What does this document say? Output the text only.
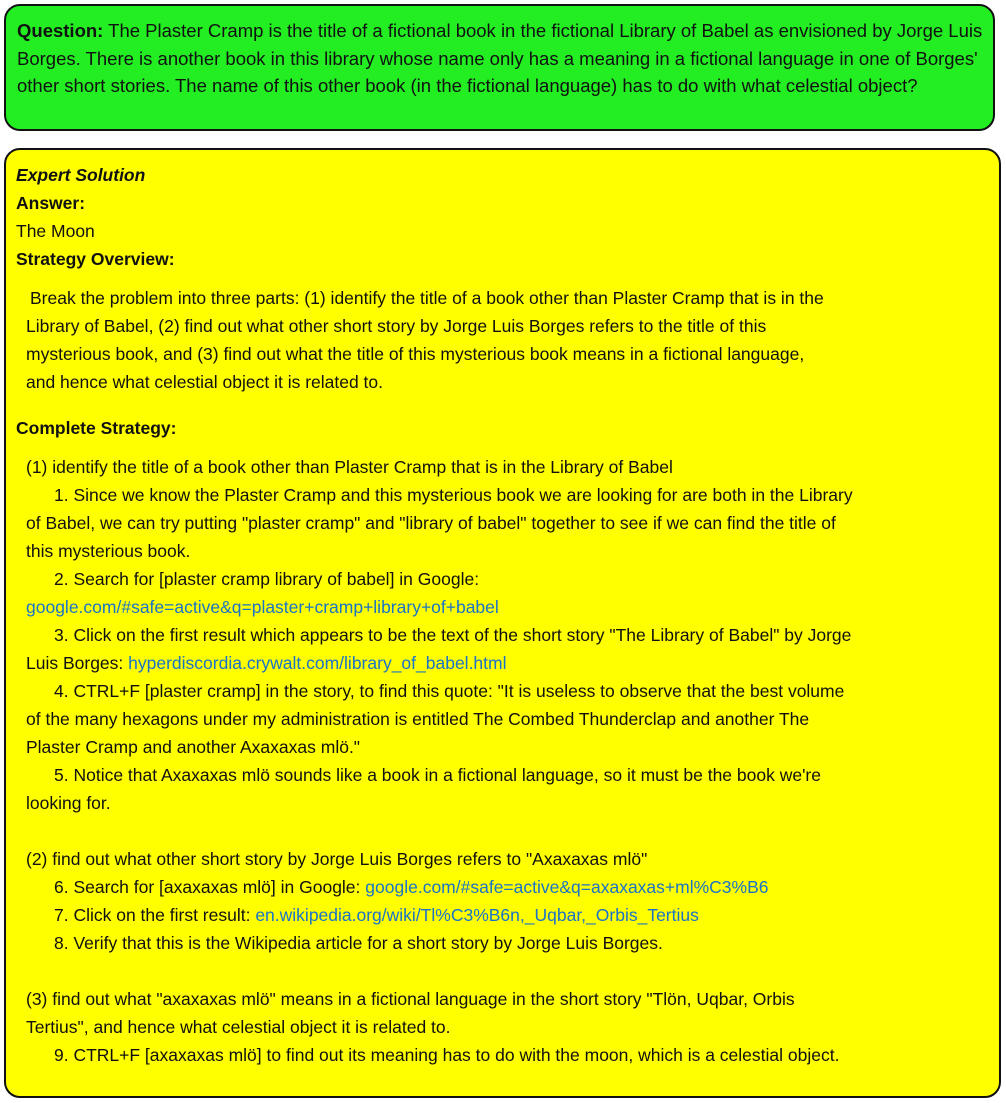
Question: The Plaster Cramp is the title of a fictional book in the fictional Library of Babel as envisioned by Jorge Luis Borges. There is another book in this library whose name only has a meaning in a fictional language in one of Borges' other short stories. The name of this other book (in the fictional language) has to do with what celestial object?
Expert Solution
Answer:
The Moon
Strategy Overview:
Break the problem into three parts: (1) identify the title of a book other than Plaster Cramp that is in the
Library of Babel, (2) find out what other short story by Jorge Luis Borges refers to the title of this
mysterious book, and (3) find out what the title of this mysterious book means in a fictional language,
and hence what celestial object it is related to.
Complete Strategy:
(1) identify the title of a book other than Plaster Cramp that is in the Library of Babel
1. Since we know the Plaster Cramp and this mysterious book we are looking for are both in the Library
of Babel, we can try putting "plaster cramp" and "library of babel" together to see if we can find the title of
this mysterious book.
2. Search for [plaster cramp library of babel] in Google:
google.com/#safe=active&q=plaster+cramp+library+of+babel
3. Click on the first result which appears to be the text of the short story "The Library of Babel" by Jorge
Luis Borges: hyperdiscordia.crywalt.com/library_of_babel.html
4. CTRL+F [plaster cramp] in the story, to find this quote: "It is useless to observe that the best volume
of the many hexagons under my administration is entitled The Combed Thunderclap and another The
Plaster Cramp and another Axaxaxas mlö."
5. Notice that Axaxaxas mlö sounds like a book in a fictional language, so it must be the book we're
looking for.
(2) find out what other short story by Jorge Luis Borges refers to "Axaxaxas mlö"
6. Search for [axaxaxas mlö] in Google: google.com/#safe=active&q=axaxaxas+ml%C3%B6
7. Click on the first result: en.wikipedia.org/wiki/Tl%C3%B6n,_Uqbar,_Orbis_Tertius
8. Verify that this is the Wikipedia article for a short story by Jorge Luis Borges.
(3) find out what "axaxaxas mlö" means in a fictional language in the short story "Tlön, Uqbar, Orbis
Tertius", and hence what celestial object it is related to.
9. CTRL+F [axaxaxas mlö] to find out its meaning has to do with the moon, which is a celestial object.
